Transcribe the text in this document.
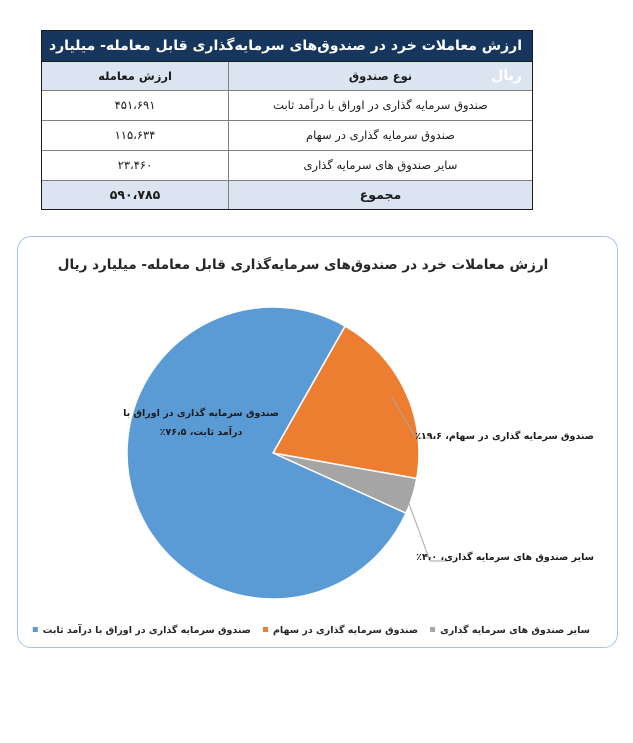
ارزش معاملات خرد در صندوق‌های سرمایه‌گذاری قابل معامله- میلیارد ریال
نوع صندوق
ارزش معامله
صندوق سرمایه گذاری در اوراق با درآمد ثابت
۴۵۱،۶۹۱
صندوق سرمایه گذاری در سهام
۱۱۵،۶۳۴
سایر صندوق های سرمایه گذاری
۲۳،۴۶۰
مجموع
۵۹۰،۷۸۵
ارزش معاملات خرد در صندوق‌های سرمایه‌گذاری قابل معامله- میلیارد ریال
صندوق سرمایه گذاری در اوراق با
درآمد ثابت، ۷۶،۵٪	صندوق سرمایه گذاری در سهام، ۱۹،۶٪
سایر صندوق های سرمایه گذاری، ۴،۰٪
سایر صندوق های سرمایه گذاری
صندوق سرمایه گذاری در سهام
صندوق سرمایه گذاری در اوراق با درآمد ثابت
